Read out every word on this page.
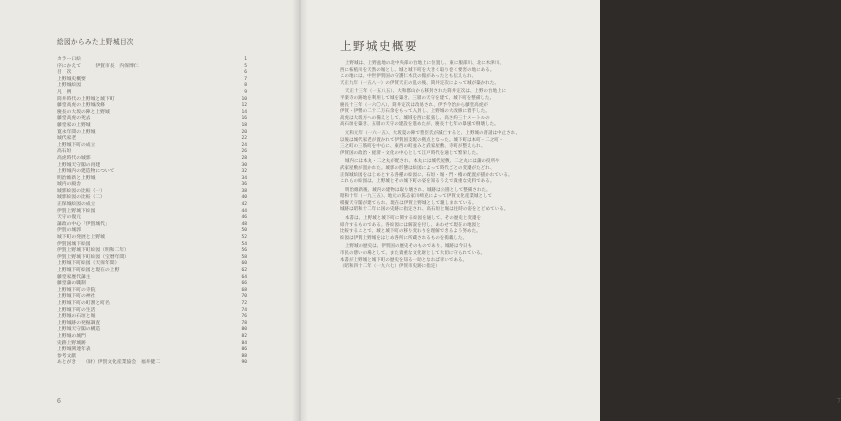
絵図からみた上野城目次
カラー口絵	1
序にかえて　　　伊賀市長　内保博仁	5
目　次	6
上野城史概要	7
上野城絵図	8
凡　例	9
筒井時代の上野城と城下町	10
藤堂高虎の上野城改修	12
慶長の大坂の陣と上野城	14
藤堂高虎の死去	16
藤堂家の上野城	18
寛永年間の上野城	20
城代家老	22
上野城下町の成立	24
高石垣	26
高虎時代の城郭	28
上野城天守閣の再建	30
上野城内の建造物について	32
明治維新と上野城	34
城内の殿舎	36
城郭絵図の比較（一）	38
城郭絵図の比較（二）	40
正保城絵図の成立	42
伊賀上野城下絵図	44
天守の復元	46
藩政の中心「伊賀城代」	48
伊賀の城郭	50
城下町の発展と上野城	52
伊賀国城下絵図	54
伊賀上野城下町絵図（明和二年）	56
伊賀上野城下町絵図（宝暦年間）	58
上野城下町絵図（天保年間）	60
上野城下町絵図と現在の上野	62
藤堂家歴代藩主	64
藤堂藩の職制	66
上野城下町の寺院	68
上野城下町の神社	70
上野城下町の町割と町名	72
上野城下町の生活	74
上野城の石垣と堀	76
上野城跡の発掘調査	78
上野城天守閣の構造	80
上野城の城門	82
史跡上野城跡	84
上野城関連年表	86
参考文献	88
あとがき　　（財）伊賀文化産業協会　福井健二	90
6
上野城史概要
上野城は、上野盆地の北中央部の台地上に位置し、東に服部川、北に木津川、
西に柘植川を天然の堀とし、城と城下町を大きく取り巻く要害の地にある。
この地には、中世伊賀国の守護仁木氏の館があったとも伝えられ、
天正九年（一五八一）の伊賀天正の乱の後、筒井定次によって城が築かれた。
天正十三年（一五八五）、大和郡山から移封された筒井定次は、上野の台地上に
平楽寺の跡地を利用して城を築き、三層の天守を建て、城下町を整備した。
慶長十三年（一六〇八）、筒井定次は改易され、伊予今治から藤堂高虎が
伊賀・伊勢の二十二万石余をもって入封し、上野城の大改修に着手した。
高虎は大坂方への備えとして、城域を西に拡張し、高さ約三十メートルの
高石垣を築き、五層の天守の建設を進めたが、慶長十七年の暴風で倒壊した。
元和元年（一六一五）、大坂夏の陣で豊臣氏が滅亡すると、上野城の普請は中止され、
以後は城代家老が置かれて伊賀国支配の拠点となった。城下町は本町・二之町・
三之町の三筋町を中心に、東西の町並みと武家屋敷、寺町が整えられ、
伊賀国の政治・経済・文化の中心として江戸時代を通じて繁栄した。
城内には本丸・二之丸が配され、本丸には城代屋敷、二之丸には藩の役所や
武家屋敷が置かれた。城郭の形態は絵図によって時代ごとの変遷がたどれ、
正保城絵図をはじめとする各種の絵図に、石垣・堀・門・櫓の配置が描かれている。
これらの絵図は、上野城とその城下町の姿を知るうえで貴重な史料である。
明治維新後、城内の建物は取り壊され、城跡は公園として整備された。
昭和十年（一九三五）、地元の篤志家川崎克によって伊賀文化産業城として
模擬天守閣が建てられ、現在は伊賀上野城として親しまれている。
城跡は昭和十二年に国の史跡に指定され、高石垣と堀は往時の姿をとどめている。
本書は、上野城と城下町に関する絵図を通して、その歴史と変遷を
紹介するものである。各絵図には解説を付し、あわせて現在の地図と
比較することで、城と城下町の移り変わりを理解できるよう努めた。
絵図は伊賀上野城をはじめ各所に所蔵されるものを掲載した。
上野城の歴史は、伊賀国の歴史そのものであり、城跡は今日も
市民の憩いの場として、また貴重な文化財として大切に守られている。
本書が上野城と城下町の歴史を知る一助となれば幸いである。
（昭和四十二年（一九六七）伊賀市史跡に指定）
7
